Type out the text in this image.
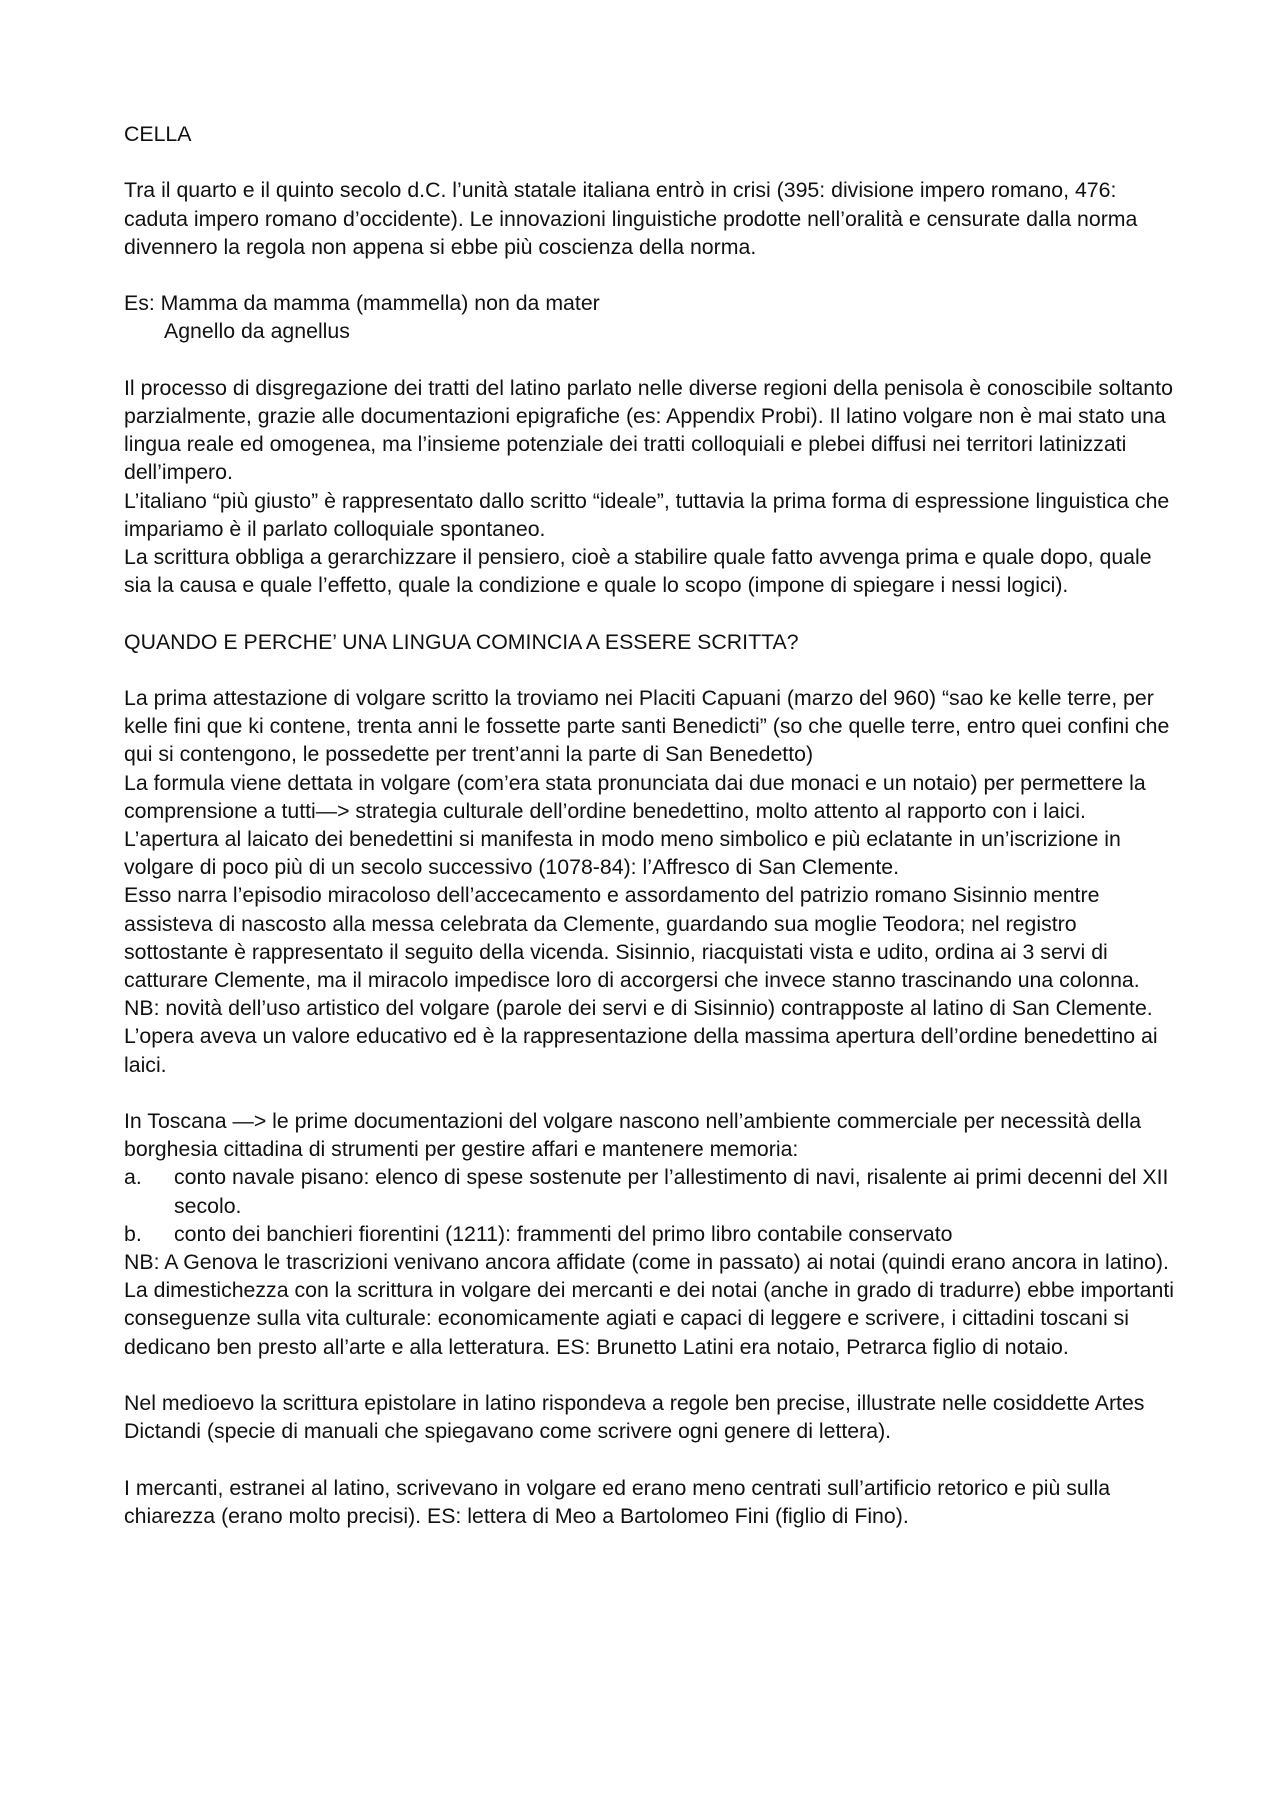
CELLA

Tra il quarto e il quinto secolo d.C. l’unità statale italiana entrò in crisi (395: divisione impero romano, 476: caduta impero romano d’occidente). Le innovazioni linguistiche prodotte nell’oralità e censurate dalla norma divennero la regola non appena si ebbe più coscienza della norma.

Es: Mamma da mamma (mammella) non da mater

Agnello da agnellus

Il processo di disgregazione dei tratti del latino parlato nelle diverse regioni della penisola è conoscibile soltanto parzialmente, grazie alle documentazioni epigrafiche (es: Appendix Probi). Il latino volgare non è mai stato una lingua reale ed omogenea, ma l’insieme potenziale dei tratti colloquiali e plebei diffusi nei territori latinizzati dell’impero.

L’italiano “più giusto” è rappresentato dallo scritto “ideale”, tuttavia la prima forma di espressione linguistica che impariamo è il parlato colloquiale spontaneo.

La scrittura obbliga a gerarchizzare il pensiero, cioè a stabilire quale fatto avvenga prima e quale dopo, quale sia la causa e quale l’effetto, quale la condizione e quale lo scopo (impone di spiegare i nessi logici).

QUANDO E PERCHE’ UNA LINGUA COMINCIA A ESSERE SCRITTA?

La prima attestazione di volgare scritto la troviamo nei Placiti Capuani (marzo del 960) “sao ke kelle terre, per kelle fini que ki contene, trenta anni le fossette parte santi Benedicti” (so che quelle terre, entro quei confini che qui si contengono, le possedette per trent’anni la parte di San Benedetto)

La formula viene dettata in volgare (com’era stata pronunciata dai due monaci e un notaio) per permettere la comprensione a tutti—> strategia culturale dell’ordine benedettino, molto attento al rapporto con i laici. L’apertura al laicato dei benedettini si manifesta in modo meno simbolico e più eclatante in un’iscrizione in volgare di poco più di un secolo successivo (1078-84): l’Affresco di San Clemente.

Esso narra l’episodio miracoloso dell’accecamento e assordamento del patrizio romano Sisinnio mentre assisteva di nascosto alla messa celebrata da Clemente, guardando sua moglie Teodora; nel registro sottostante è rappresentato il seguito della vicenda. Sisinnio, riacquistati vista e udito, ordina ai 3 servi di catturare Clemente, ma il miracolo impedisce loro di accorgersi che invece stanno trascinando una colonna.

NB: novità dell’uso artistico del volgare (parole dei servi e di Sisinnio) contrapposte al latino di San Clemente. L’opera aveva un valore educativo ed è la rappresentazione della massima apertura dell’ordine benedettino ai laici.

In Toscana —> le prime documentazioni del volgare nascono nell’ambiente commerciale per necessità della borghesia cittadina di strumenti per gestire affari e mantenere memoria:

a.	conto navale pisano: elenco di spese sostenute per l’allestimento di navi, risalente ai primi decenni del XII secolo.
b.	conto dei banchieri fiorentini (1211): frammenti del primo libro contabile conservato

NB: A Genova le trascrizioni venivano ancora affidate (come in passato) ai notai (quindi erano ancora in latino).

La dimestichezza con la scrittura in volgare dei mercanti e dei notai (anche in grado di tradurre) ebbe importanti conseguenze sulla vita culturale: economicamente agiati e capaci di leggere e scrivere, i cittadini toscani si dedicano ben presto all’arte e alla letteratura. ES: Brunetto Latini era notaio, Petrarca figlio di notaio.

Nel medioevo la scrittura epistolare in latino rispondeva a regole ben precise, illustrate nelle cosiddette Artes Dictandi (specie di manuali che spiegavano come scrivere ogni genere di lettera).

I mercanti, estranei al latino, scrivevano in volgare ed erano meno centrati sull’artificio retorico e più sulla chiarezza (erano molto precisi). ES: lettera di Meo a Bartolomeo Fini (figlio di Fino).
